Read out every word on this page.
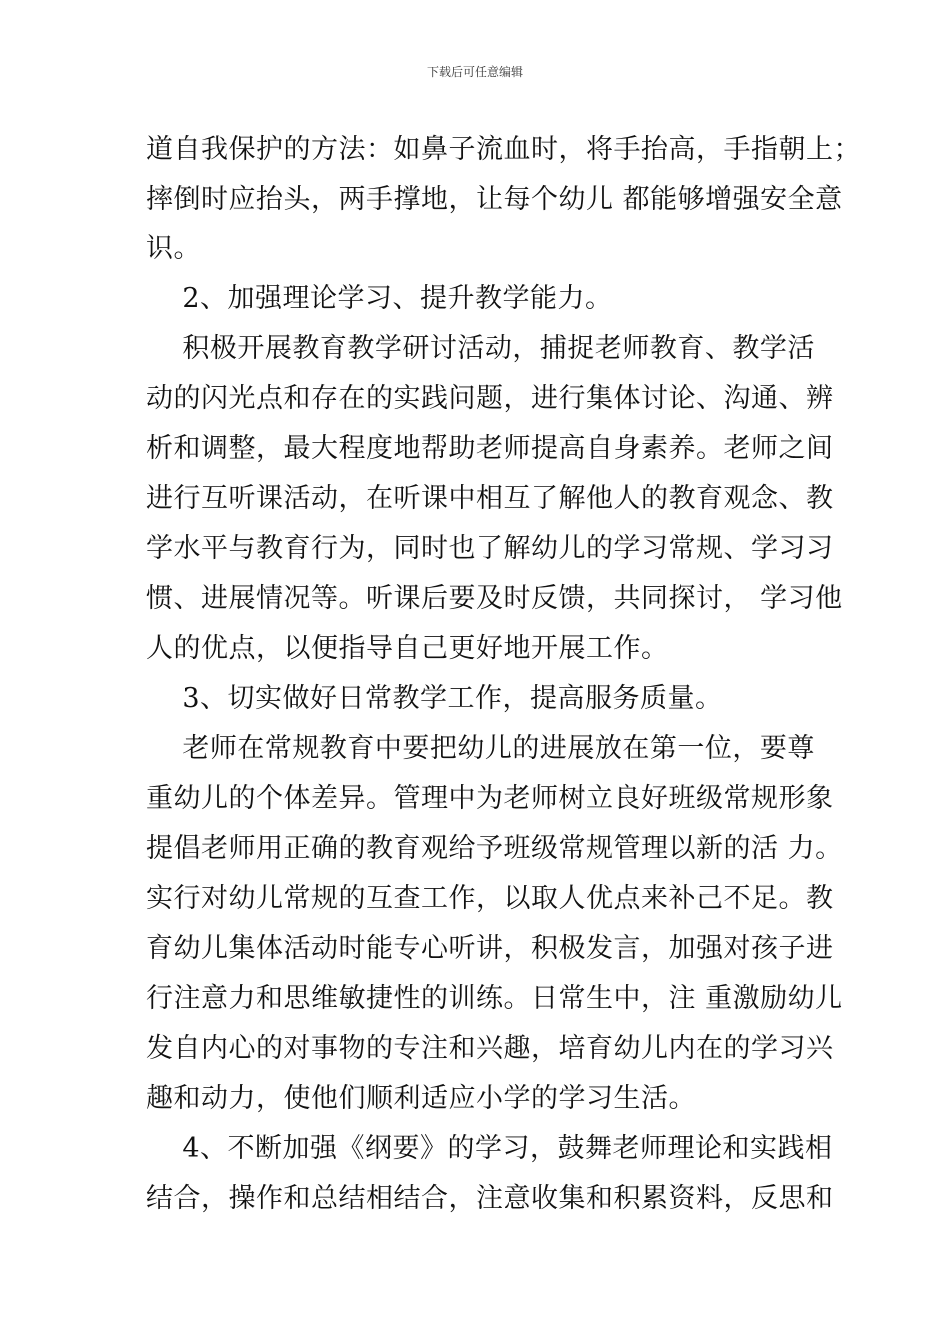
下载后可任意编辑
道自我保护的方法：如鼻子流血时，将手抬高，手指朝上；
摔倒时应抬头，两手撑地，让每个幼儿 都能够增强安全意
识。
2、加强理论学习、提升教学能力。
积极开展教育教学研讨活动，捕捉老师教育、教学活
动的闪光点和存在的实践问题，进行集体讨论、沟通、辨
析和调整，最大程度地帮助老师提高自身素养。老师之间
进行互听课活动，在听课中相互了解他人的教育观念、教
学水平与教育行为，同时也了解幼儿的学习常规、学习习
惯、进展情况等。听课后要及时反馈，共同探讨， 学习他
人的优点，以便指导自己更好地开展工作。
3、切实做好日常教学工作，提高服务质量。
老师在常规教育中要把幼儿的进展放在第一位，要尊
重幼儿的个体差异。管理中为老师树立良好班级常规形象
提倡老师用正确的教育观给予班级常规管理以新的活 力。
实行对幼儿常规的互查工作，以取人优点来补己不足。教
育幼儿集体活动时能专心听讲，积极发言，加强对孩子进
行注意力和思维敏捷性的训练。日常生中，注 重激励幼儿
发自内心的对事物的专注和兴趣，培育幼儿内在的学习兴
趣和动力，使他们顺利适应小学的学习生活。
4、不断加强《纲要》的学习，鼓舞老师理论和实践相
结合，操作和总结相结合，注意收集和积累资料，反思和
